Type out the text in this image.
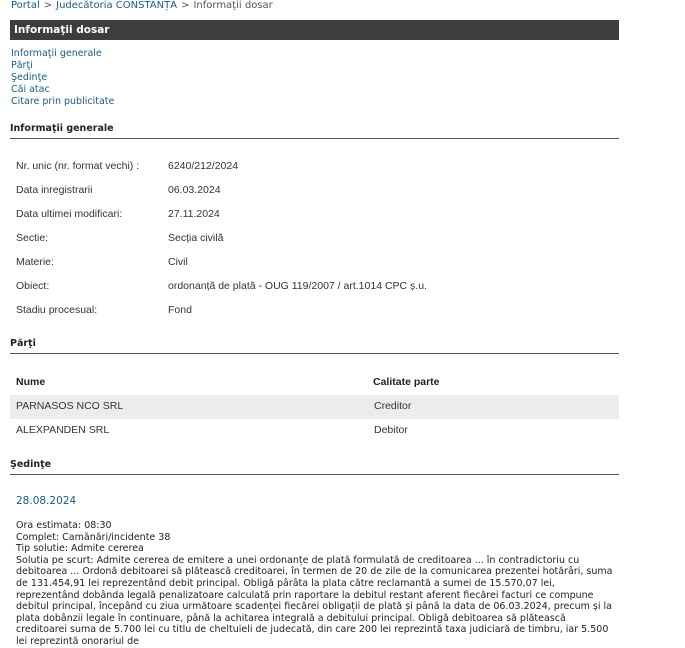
Portal > Judecătoria CONSTANȚA > Informaţii dosar
Informaţii dosar
Informaţii generale
Părţi
Şedinţe
Căi atac
Citare prin publicitate
Informaţii generale
Nr. unic (nr. format vechi) :	6240/212/2024
Data inregistrarii	06.03.2024
Data ultimei modificari:	27.11.2024
Sectie:	Secția civilă
Materie:	Civil
Obiect:	ordonanță de plată - OUG 119/2007 / art.1014 CPC ș.u.
Stadiu procesual:	Fond
Părţi
Nume	Calitate parte
PARNASOS NCO SRL	Creditor
ALEXPANDEN SRL	Debitor
Şedinţe
28.08.2024
Ora estimata: 08:30
Complet: Camănări/incidente 38
Tip solutie: Admite cererea
Solutia pe scurt: Admite cererea de emitere a unei ordonanțe de plată formulată de creditoarea ... în contradictoriu cu debitoarea ... Ordonă debitoarei să plătească creditoarei, în termen de 20 de zile de la comunicarea prezentei hotărâri, suma de 131.454,91 lei reprezentând debit principal. Obligă pârâta la plata către reclamantă a sumei de 15.570,07 lei, reprezentând dobânda legală penalizatoare calculată prin raportare la debitul restant aferent fiecărei facturi ce compune debitul principal, începând cu ziua următoare scadenței fiecărei obligații de plată și până la data de 06.03.2024, precum și la plata dobânzii legale în continuare, până la achitarea integrală a debitului principal. Obligă debitoarea să plătească creditoarei suma de 5.700 lei cu titlu de cheltuieli de judecată, din care 200 lei reprezintă taxa judiciară de timbru, iar 5.500 lei reprezintă onorariul de
